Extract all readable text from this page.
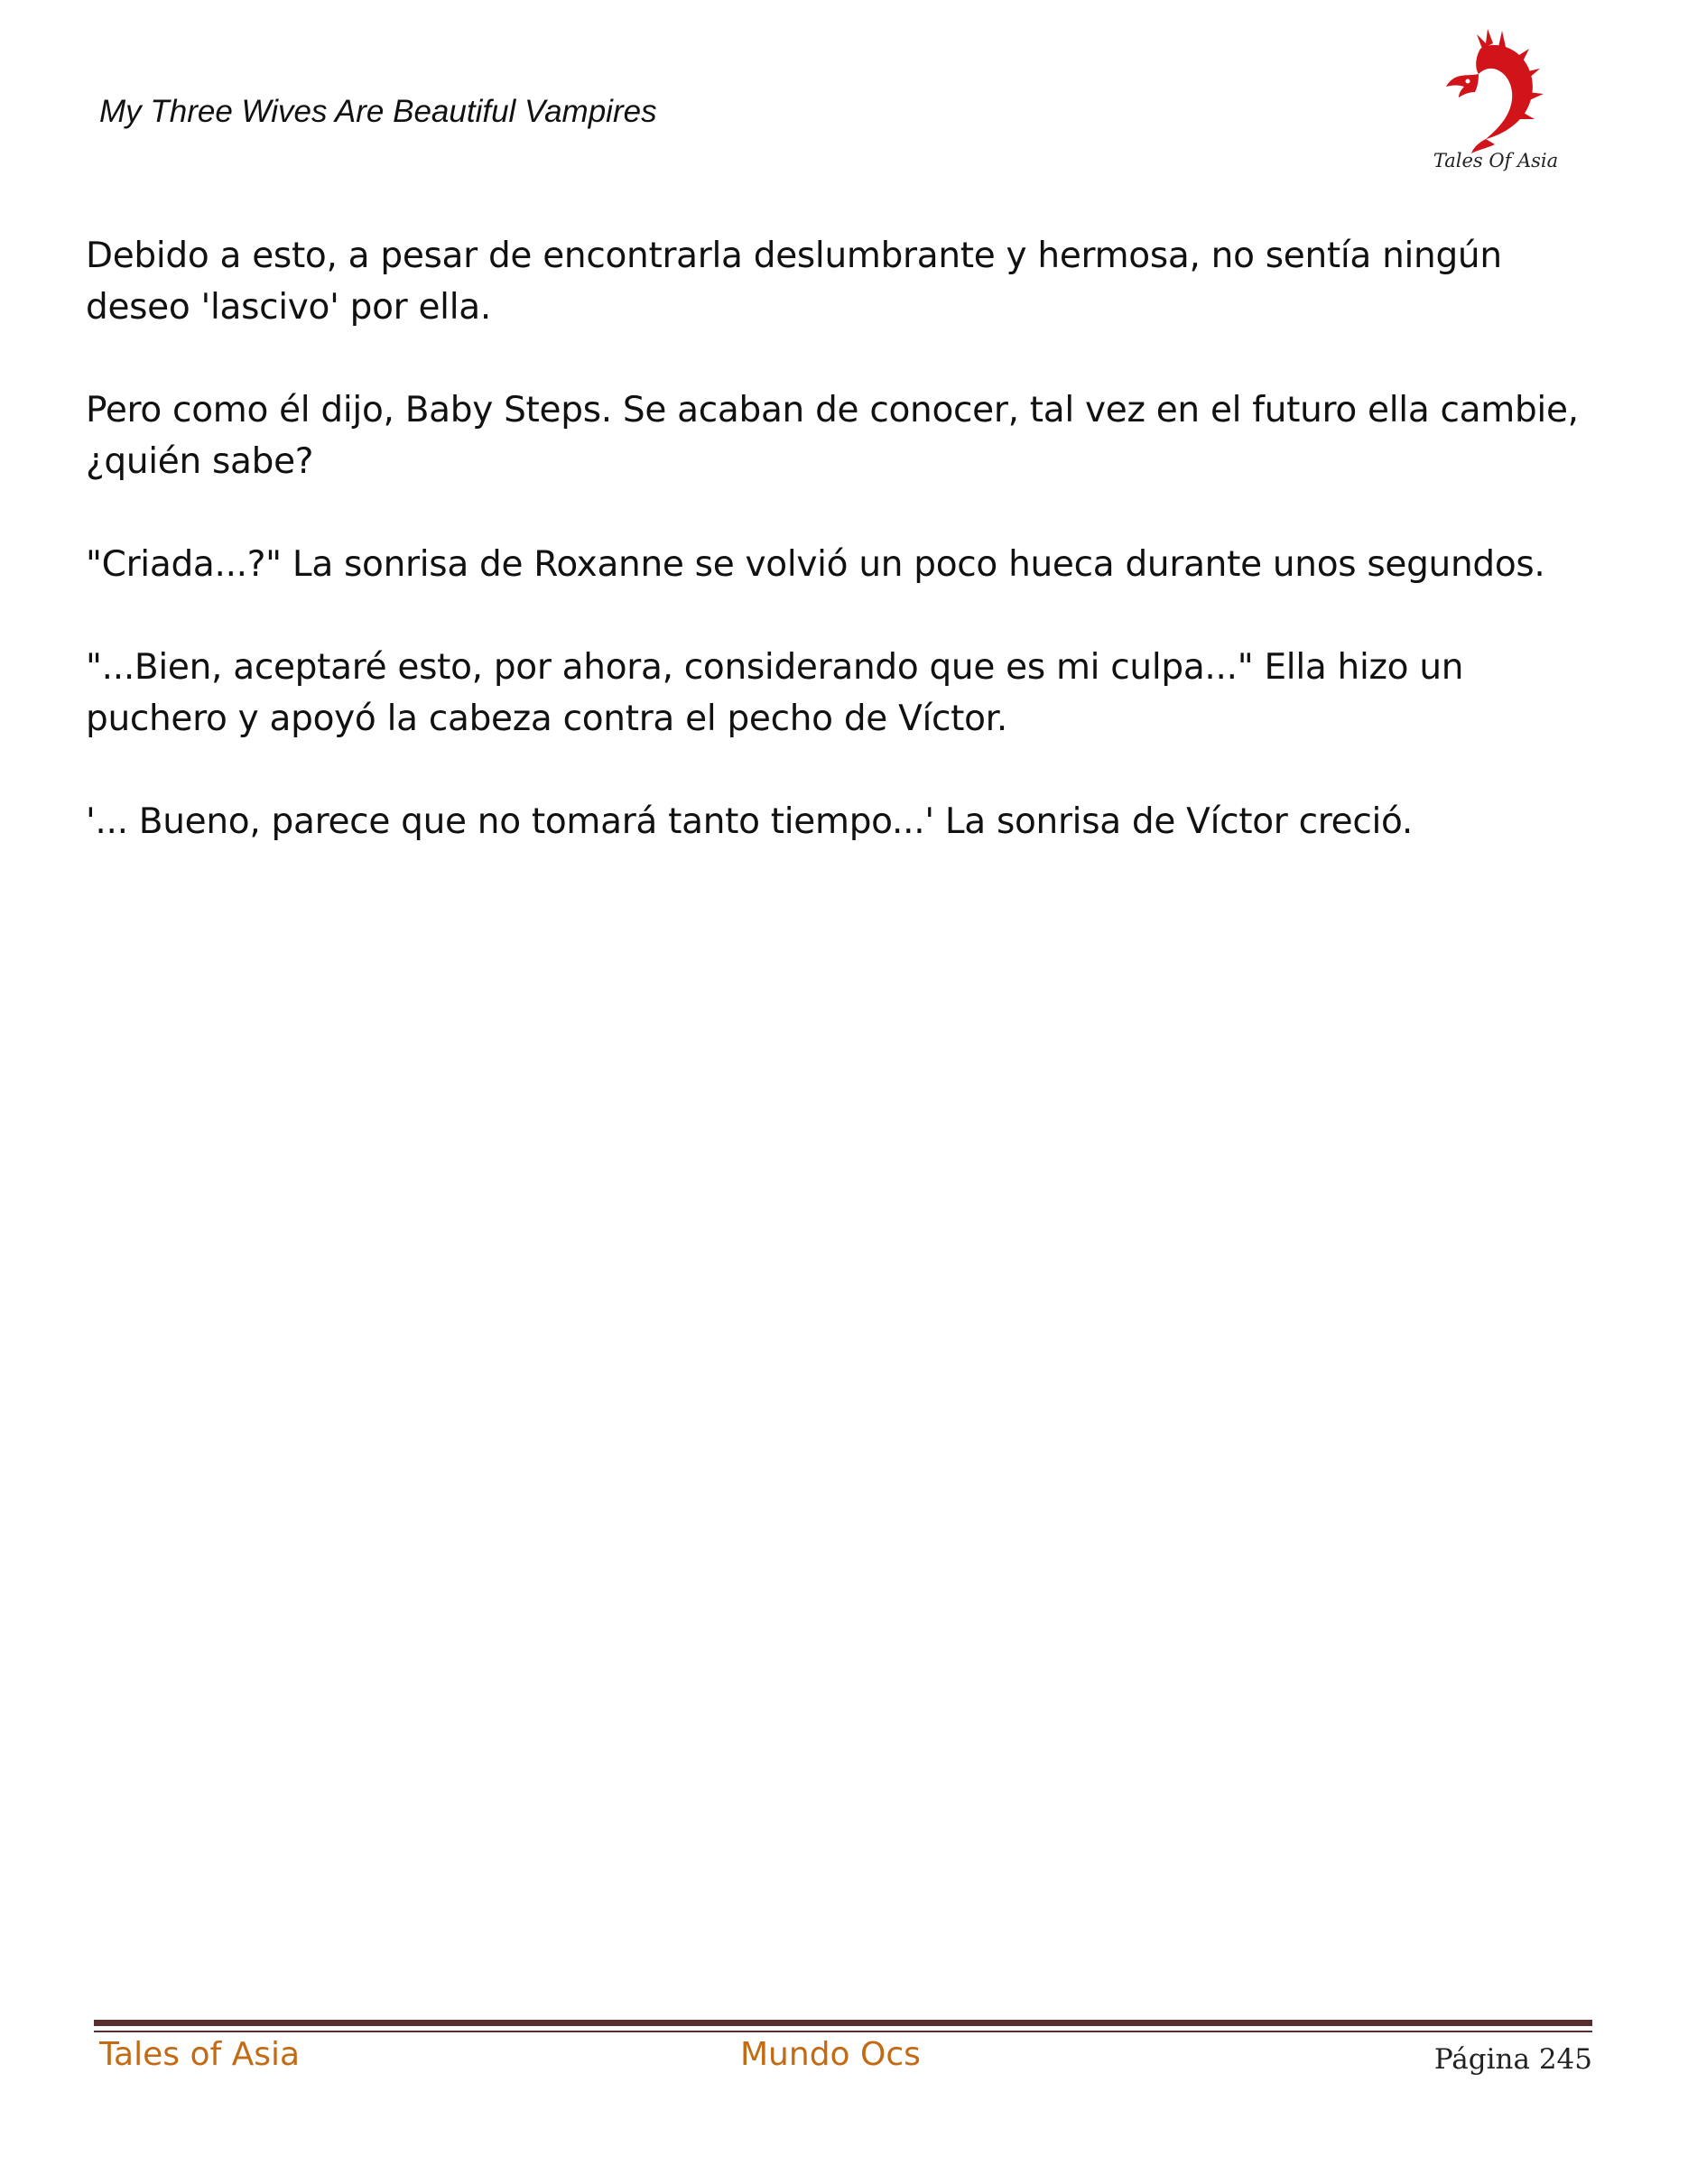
My Three Wives Are Beautiful Vampires
Tales Of Asia

Debido a esto, a pesar de encontrarla deslumbrante y hermosa, no sentía ningún deseo 'lascivo' por ella.

Pero como él dijo, Baby Steps. Se acaban de conocer, tal vez en el futuro ella cambie, ¿quién sabe?

"Criada...?" La sonrisa de Roxanne se volvió un poco hueca durante unos segundos.

"...Bien, aceptaré esto, por ahora, considerando que es mi culpa..." Ella hizo un puchero y apoyó la cabeza contra el pecho de Víctor.

'... Bueno, parece que no tomará tanto tiempo...' La sonrisa de Víctor creció.

Tales of Asia	Mundo Ocs	Página 245
